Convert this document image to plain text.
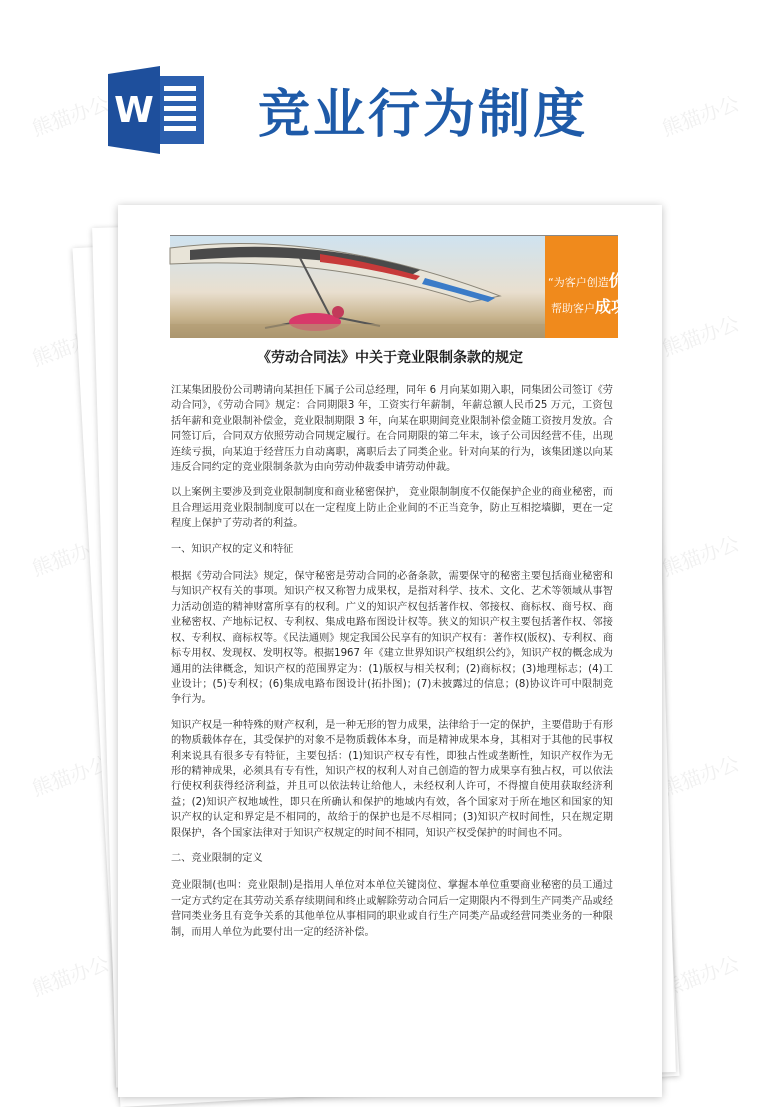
熊猫办公	熊猫办公
熊猫办公	熊猫办公
熊猫办公	熊猫办公
熊猫办公	熊猫办公
熊猫办公	熊猫办公
W 竞业行为制度
“为客户创造价值
帮助客户成功”
《劳动合同法》中关于竞业限制条款的规定

江某集团股份公司聘请向某担任下属子公司总经理，同年 6 月向某如期入职，同集团公司签订《劳动合同》，《劳动合同》规定：合同期限3 年，工资实行年薪制，年薪总额人民币25 万元，工资包括年薪和竞业限制补偿金，竞业限制期限 3 年，向某在职期间竞业限制补偿金随工资按月发放。合同签订后，合同双方依照劳动合同规定履行。在合同期限的第二年末，该子公司因经营不佳，出现连续亏损，向某迫于经营压力自动离职，离职后去了同类企业。针对向某的行为，该集团遂以向某违反合同约定的竞业限制条款为由向劳动仲裁委申请劳动仲裁。

以上案例主要涉及到竞业限制制度和商业秘密保护， 竞业限制制度不仅能保护企业的商业秘密，而且合理运用竞业限制制度可以在一定程度上防止企业间的不正当竞争，防止互相挖墙脚，更在一定程度上保护了劳动者的利益。

一、知识产权的定义和特征

根据《劳动合同法》规定，保守秘密是劳动合同的必备条款，需要保守的秘密主要包括商业秘密和与知识产权有关的事项。知识产权又称智力成果权，是指对科学、技术、文化、艺术等领域从事智力活动创造的精神财富所享有的权利。广义的知识产权包括著作权、邻接权、商标权、商号权、商业秘密权、产地标记权、专利权、集成电路布图设计权等。狭义的知识产权主要包括著作权、邻接权、专利权、商标权等。《民法通则》规定我国公民享有的知识产权有：著作权(版权)、专利权、商标专用权、发现权、发明权等。根据1967 年《建立世界知识产权组织公约》，知识产权的概念成为通用的法律概念，知识产权的范围界定为：(1)版权与相关权利；(2)商标权；(3)地理标志；(4)工业设计；(5)专利权；(6)集成电路布图设计(拓扑图)；(7)未披露过的信息；(8)协议许可中限制竞争行为。

知识产权是一种特殊的财产权利，是一种无形的智力成果，法律给于一定的保护，主要借助于有形的物质载体存在，其受保护的对象不是物质载体本身，而是精神成果本身，其相对于其他的民事权利来说具有很多专有特征，主要包括：(1)知识产权专有性，即独占性或垄断性，知识产权作为无形的精神成果，必须具有专有性，知识产权的权利人对自己创造的智力成果享有独占权，可以依法行使权利获得经济利益，并且可以依法转让给他人，未经权利人许可，不得擅自使用获取经济利益；(2)知识产权地域性，即只在所确认和保护的地域内有效，各个国家对于所在地区和国家的知识产权的认定和界定是不相同的，故给于的保护也是不尽相同；(3)知识产权时间性，只在规定期限保护，各个国家法律对于知识产权规定的时间不相同，知识产权受保护的时间也不同。

二、竞业限制的定义

竞业限制(也叫：竞业限制)是指用人单位对本单位关键岗位、掌握本单位重要商业秘密的员工通过一定方式约定在其劳动关系存续期间和终止或解除劳动合同后一定期限内不得到生产同类产品或经营同类业务且有竞争关系的其他单位从事相同的职业或自行生产同类产品或经营同类业务的一种限制，而用人单位为此要付出一定的经济补偿。
